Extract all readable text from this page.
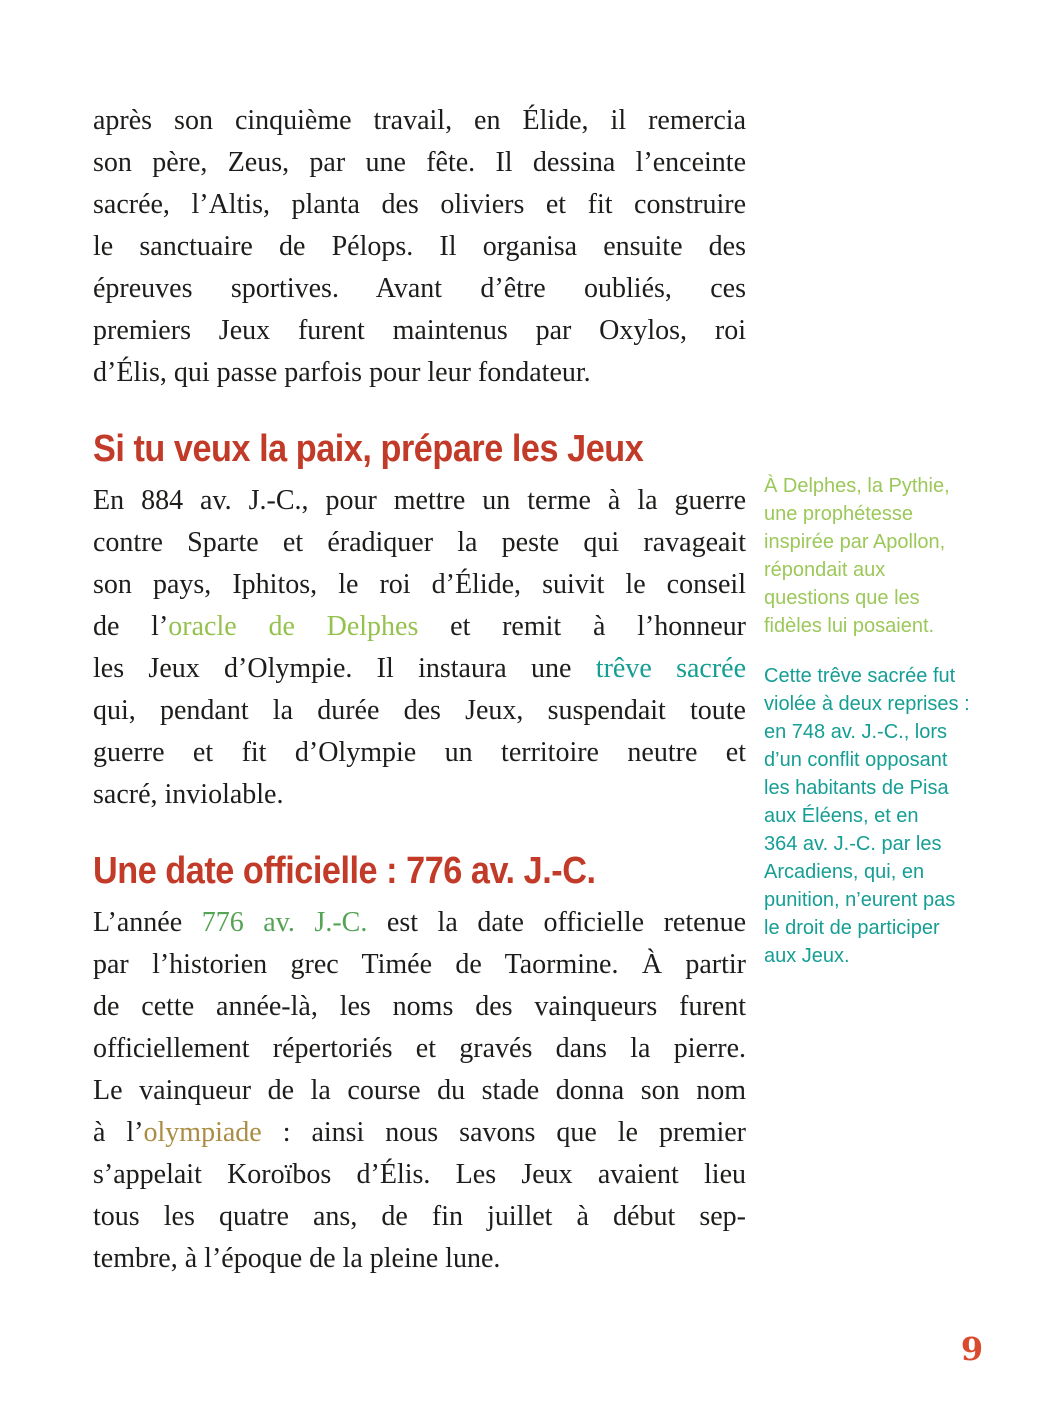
après son cinquième travail, en Élide, il remercia
son père, Zeus, par une fête. Il dessina l’enceinte
sacrée, l’Altis, planta des oliviers et fit construire
le sanctuaire de Pélops. Il organisa ensuite des
épreuves sportives. Avant d’être oubliés, ces
premiers Jeux furent maintenus par Oxylos, roi
d’Élis, qui passe parfois pour leur fondateur.
Si tu veux la paix, prépare les Jeux
En 884 av. J.-C., pour mettre un terme à la guerre
contre Sparte et éradiquer la peste qui ravageait
son pays, Iphitos, le roi d’Élide, suivit le conseil
de l’oracle de Delphes et remit à l’honneur
les Jeux d’Olympie. Il instaura une trêve sacrée
qui, pendant la durée des Jeux, suspendait toute
guerre et fit d’Olympie un territoire neutre et
sacré, inviolable.
Une date officielle : 776 av. J.-C.
L’année 776 av. J.-C. est la date officielle retenue
par l’historien grec Timée de Taormine. À partir
de cette année-là, les noms des vainqueurs furent
officiellement répertoriés et gravés dans la pierre.
Le vainqueur de la course du stade donna son nom
à l’olympiade : ainsi nous savons que le premier
s’appelait Koroïbos d’Élis. Les Jeux avaient lieu
tous les quatre ans, de fin juillet à début sep-
tembre, à l’époque de la pleine lune.
À Delphes, la Pythie,
une prophétesse
inspirée par Apollon,
répondait aux
questions que les
fidèles lui posaient.
Cette trêve sacrée fut
violée à deux reprises :
en 748 av. J.-C., lors
d’un conflit opposant
les habitants de Pisa
aux Éléens, et en
364 av. J.-C. par les
Arcadiens, qui, en
punition, n’eurent pas
le droit de participer
aux Jeux.
9
